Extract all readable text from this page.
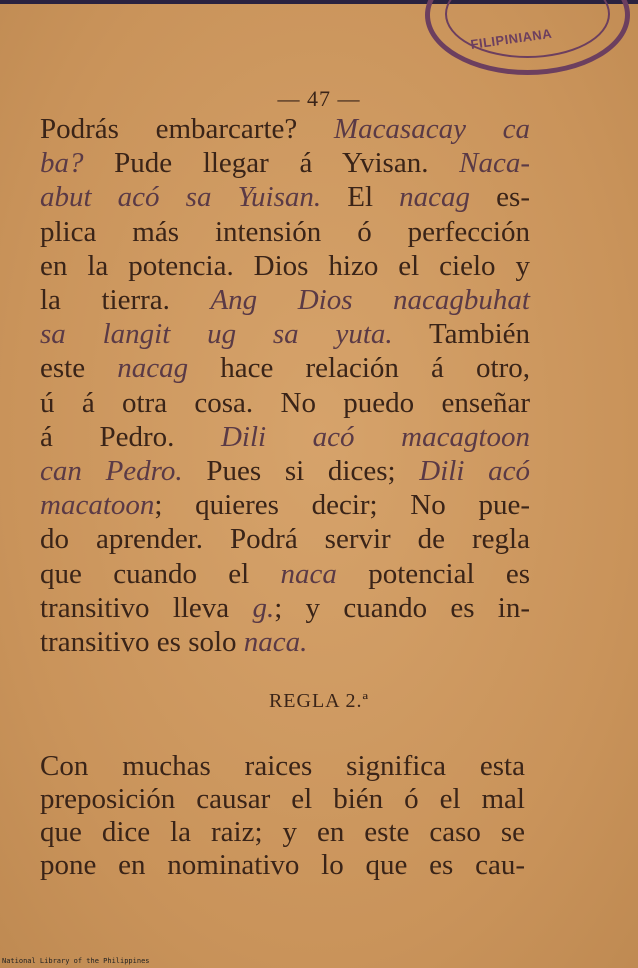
FILIPINIANA
— 47 —
Podrás embarcarte? Macasacay ca
ba? Pude llegar á Yvisan. Naca-
abut acó sa Yuisan. El nacag es-
plica más intensión ó perfección
en la potencia. Dios hizo el cielo y
la tierra. Ang Dios nacagbuhat
sa langit ug sa yuta. También
este nacag hace relación á otro,
ú á otra cosa. No puedo enseñar
á Pedro. Dili acó macagtoon
can Pedro. Pues si dices; Dili acó
macatoon; quieres decir; No pue-
do aprender. Podrá servir de regla
que cuando el naca potencial es
transitivo lleva g.; y cuando es in-
transitivo es solo naca.
REGLA 2.ª
Con muchas raices significa esta
preposición causar el bién ó el mal
que dice la raiz; y en este caso se
pone en nominativo lo que es cau-
National Library of the Philippines
